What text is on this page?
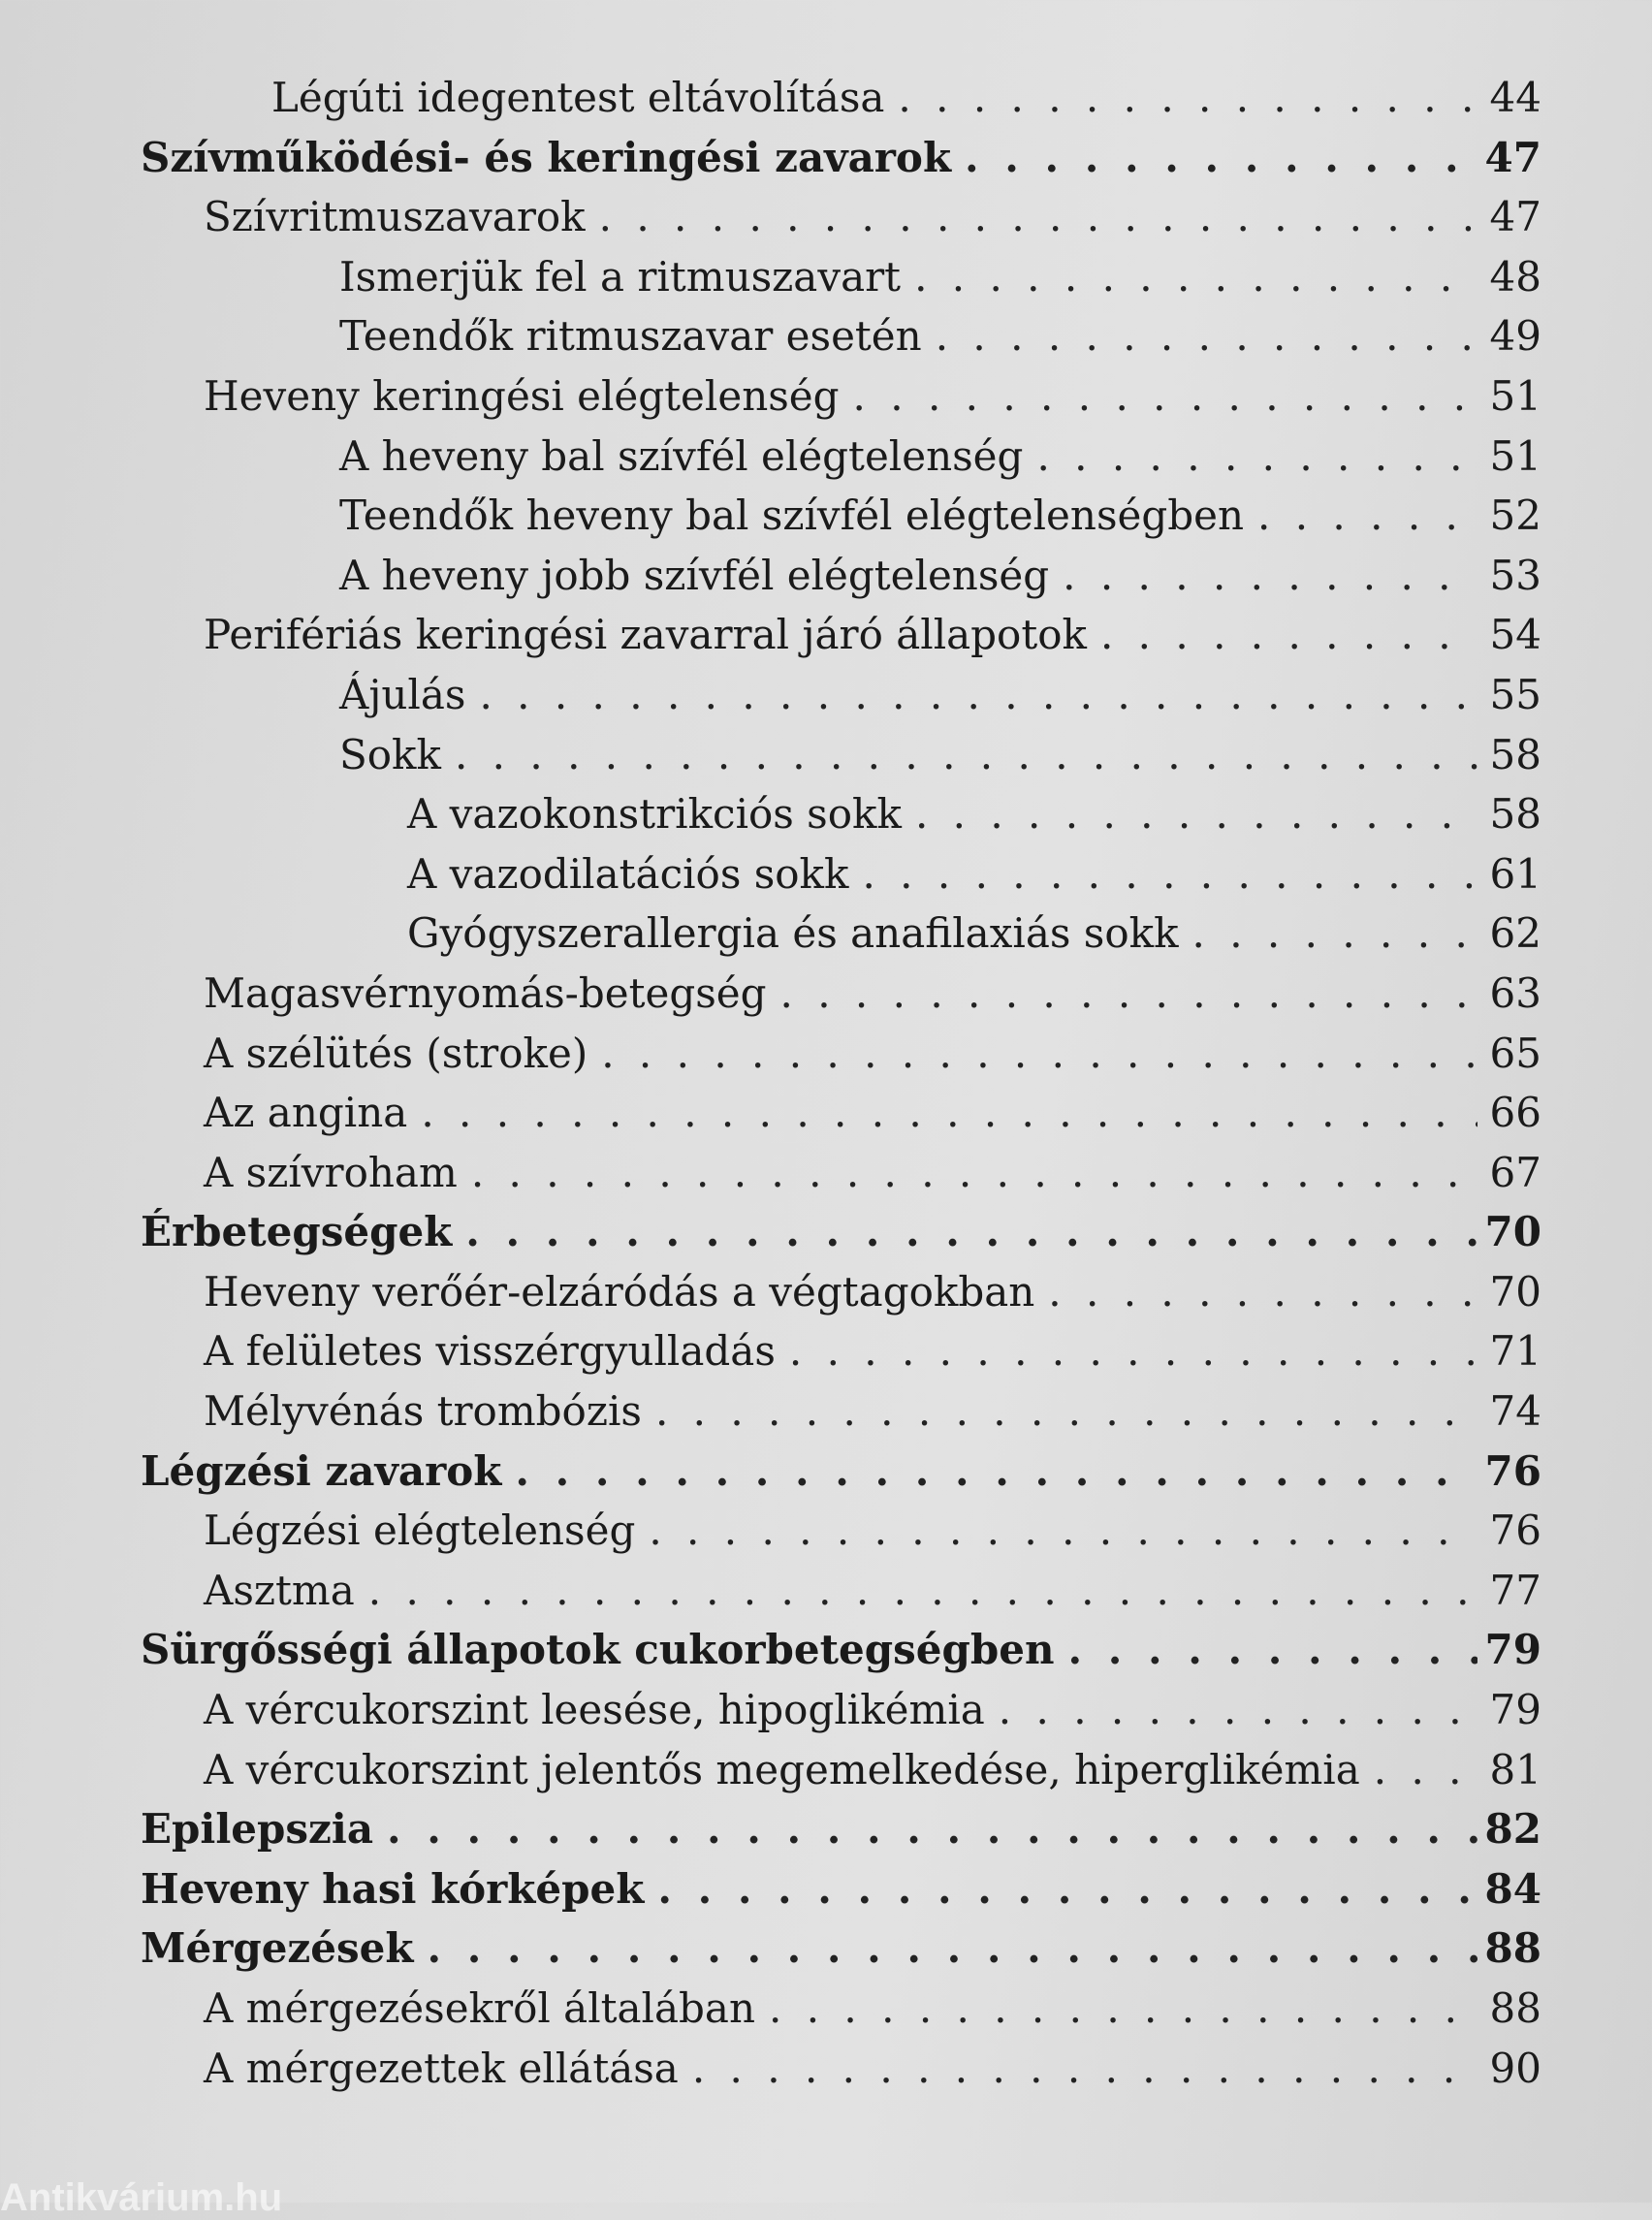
Légúti idegentest eltávolítása . . .	44
Szívműködési- és keringési zavarok . . .	47
Szívritmuszavarok . . .	47
Ismerjük fel a ritmuszavart . . .	48
Teendők ritmuszavar esetén . . .	49
Heveny keringési elégtelenség . . .	51
A heveny bal szívfél elégtelenség . . .	51
Teendők heveny bal szívfél elégtelenségben . . .	52
A heveny jobb szívfél elégtelenség . . .	53
Perifériás keringési zavarral járó állapotok . . .	54
Ájulás . . .	55
Sokk . . .	58
A vazokonstrikciós sokk . . .	58
A vazodilatációs sokk . . .	61
Gyógyszerallergia és anafilaxiás sokk . . .	62
Magasvérnyomás-betegség . . .	63
A szélütés (stroke) . . .	65
Az angina . . .	66
A szívroham . . .	67
Érbetegségek . . .	70
Heveny verőér-elzáródás a végtagokban . . .	70
A felületes visszérgyulladás . . .	71
Mélyvénás trombózis . . .	74
Légzési zavarok . . .	76
Légzési elégtelenség . . .	76
Asztma . . .	77
Sürgősségi állapotok cukorbetegségben . . .	79
A vércukorszint leesése, hipoglikémia . . .	79
A vércukorszint jelentős megemelkedése, hiperglikémia . . .	81
Epilepszia . . .	82
Heveny hasi kórképek . . .	84
Mérgezések . . .	88
A mérgezésekről általában . . .	88
A mérgezettek ellátása . . .	90
Antikvárium.hu
